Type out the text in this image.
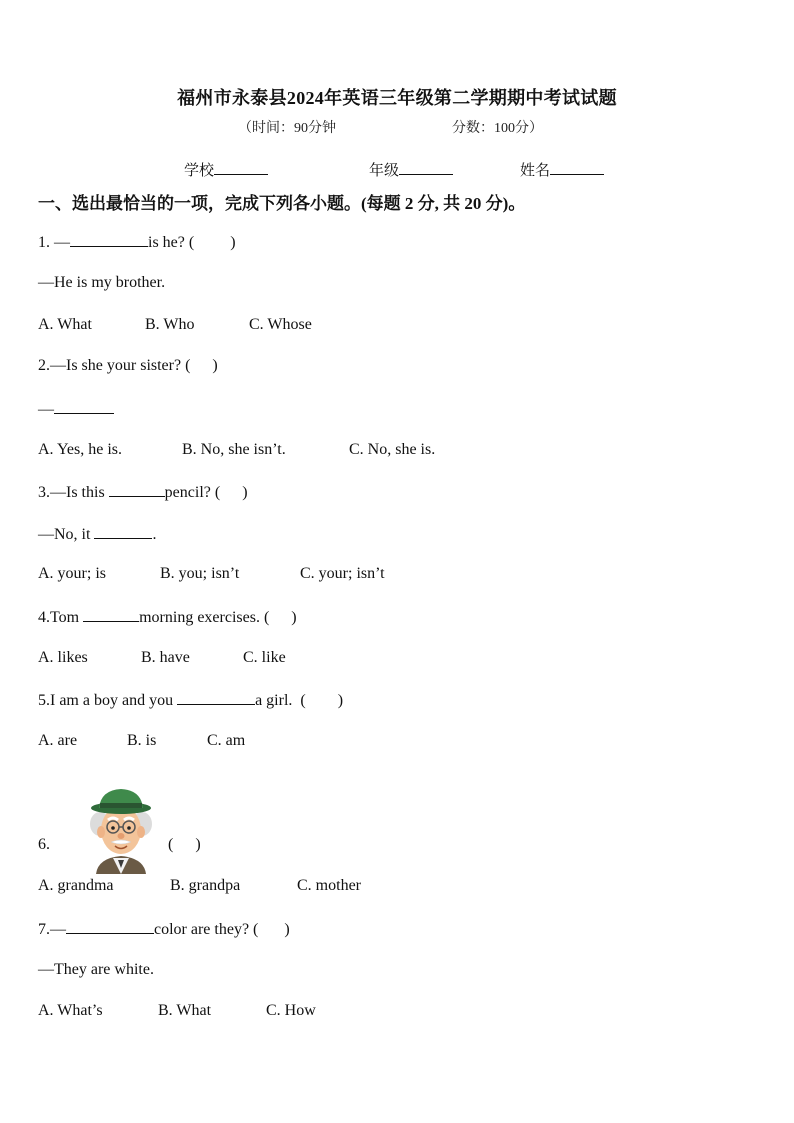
福州市永泰县2024年英语三年级第二学期期中考试试题
（时间：90分钟	分数：100分）
学校	年级	姓名
一、选出最恰当的一项，完成下列各小题。(每题 2 分, 共 20 分)。
1. —	is he? ( )
—He is my brother.
A. What	B. Who	C. Whose
2.—Is she your sister? ( )
—
A. Yes, he is.	B. No, she isn’t.	C. No, she is.
3.—Is this	pencil? ( )
—No, it	.
A. your; is	B. you; isn’t	C. your; isn’t
4.Tom	morning exercises. ( )
A. likes	B. have	C. like
5.I am a boy and you	a girl.  ( )
A. are	B. is	C. am

6.	( )
A. grandma	B. grandpa	C. mother
7.—	color are they? ( )
—They are white.
A. What’s	B. What	C. How
